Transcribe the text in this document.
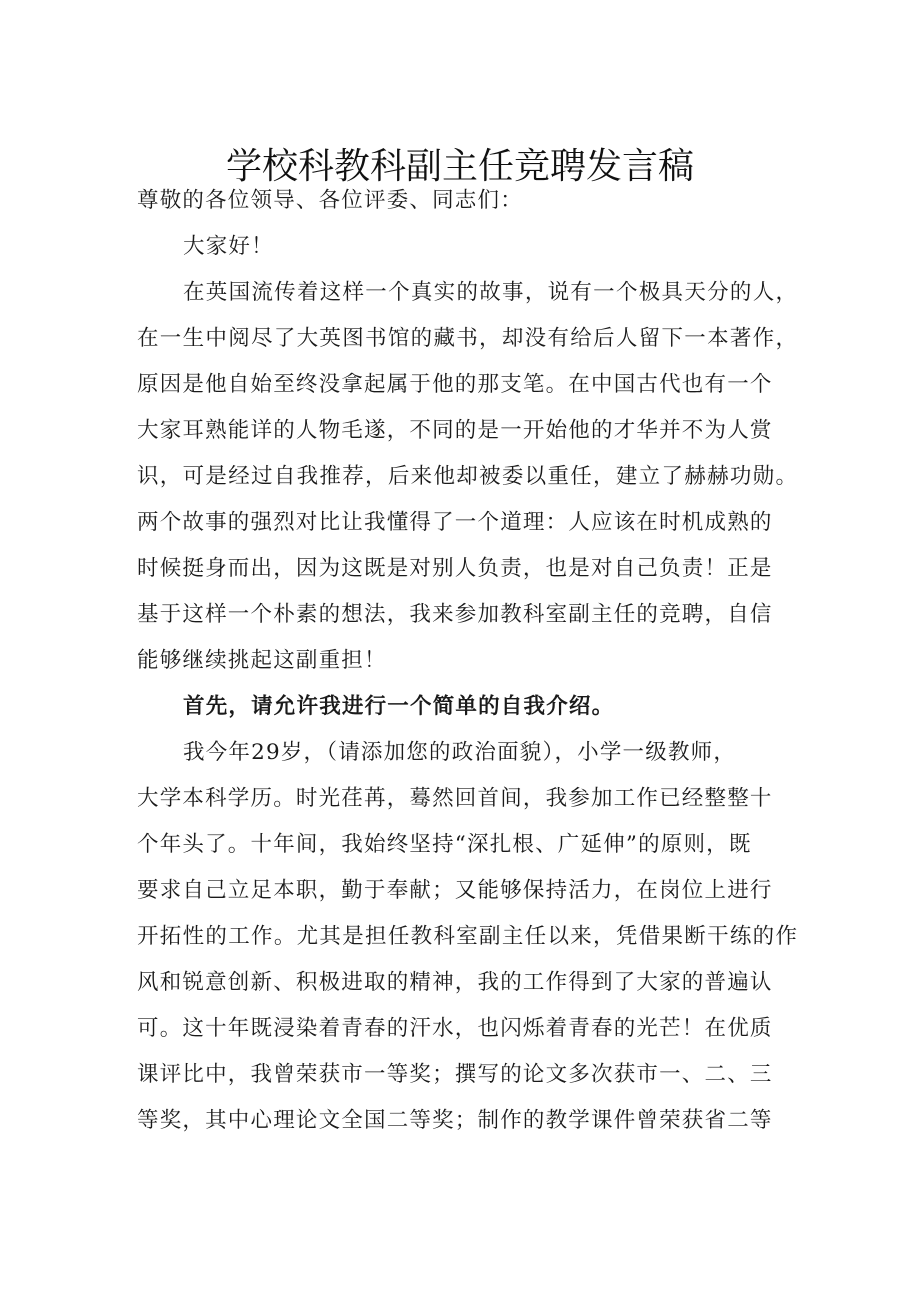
学校科教科副主任竞聘发言稿

尊敬的各位领导、各位评委、同志们：

大家好！

在英国流传着这样一个真实的故事，说有一个极具天分的人，
在一生中阅尽了大英图书馆的藏书，却没有给后人留下一本著作，
原因是他自始至终没拿起属于他的那支笔。在中国古代也有一个
大家耳熟能详的人物毛遂，不同的是一开始他的才华并不为人赏
识，可是经过自我推荐，后来他却被委以重任，建立了赫赫功勋。
两个故事的强烈对比让我懂得了一个道理：人应该在时机成熟的
时候挺身而出，因为这既是对别人负责，也是对自己负责！正是
基于这样一个朴素的想法，我来参加教科室副主任的竞聘，自信
能够继续挑起这副重担！

首先，请允许我进行一个简单的自我介绍。

我今年29岁，（请添加您的政治面貌），小学一级教师，
大学本科学历。时光荏苒，蓦然回首间，我参加工作已经整整十
个年头了。十年间，我始终坚持“深扎根、广延伸”的原则，既
要求自己立足本职，勤于奉献；又能够保持活力，在岗位上进行
开拓性的工作。尤其是担任教科室副主任以来，凭借果断干练的作
风和锐意创新、积极进取的精神，我的工作得到了大家的普遍认
可。这十年既浸染着青春的汗水，也闪烁着青春的光芒！在优质
课评比中，我曾荣获市一等奖；撰写的论文多次获市一、二、三
等奖，其中心理论文全国二等奖；制作的教学课件曾荣获省二等
